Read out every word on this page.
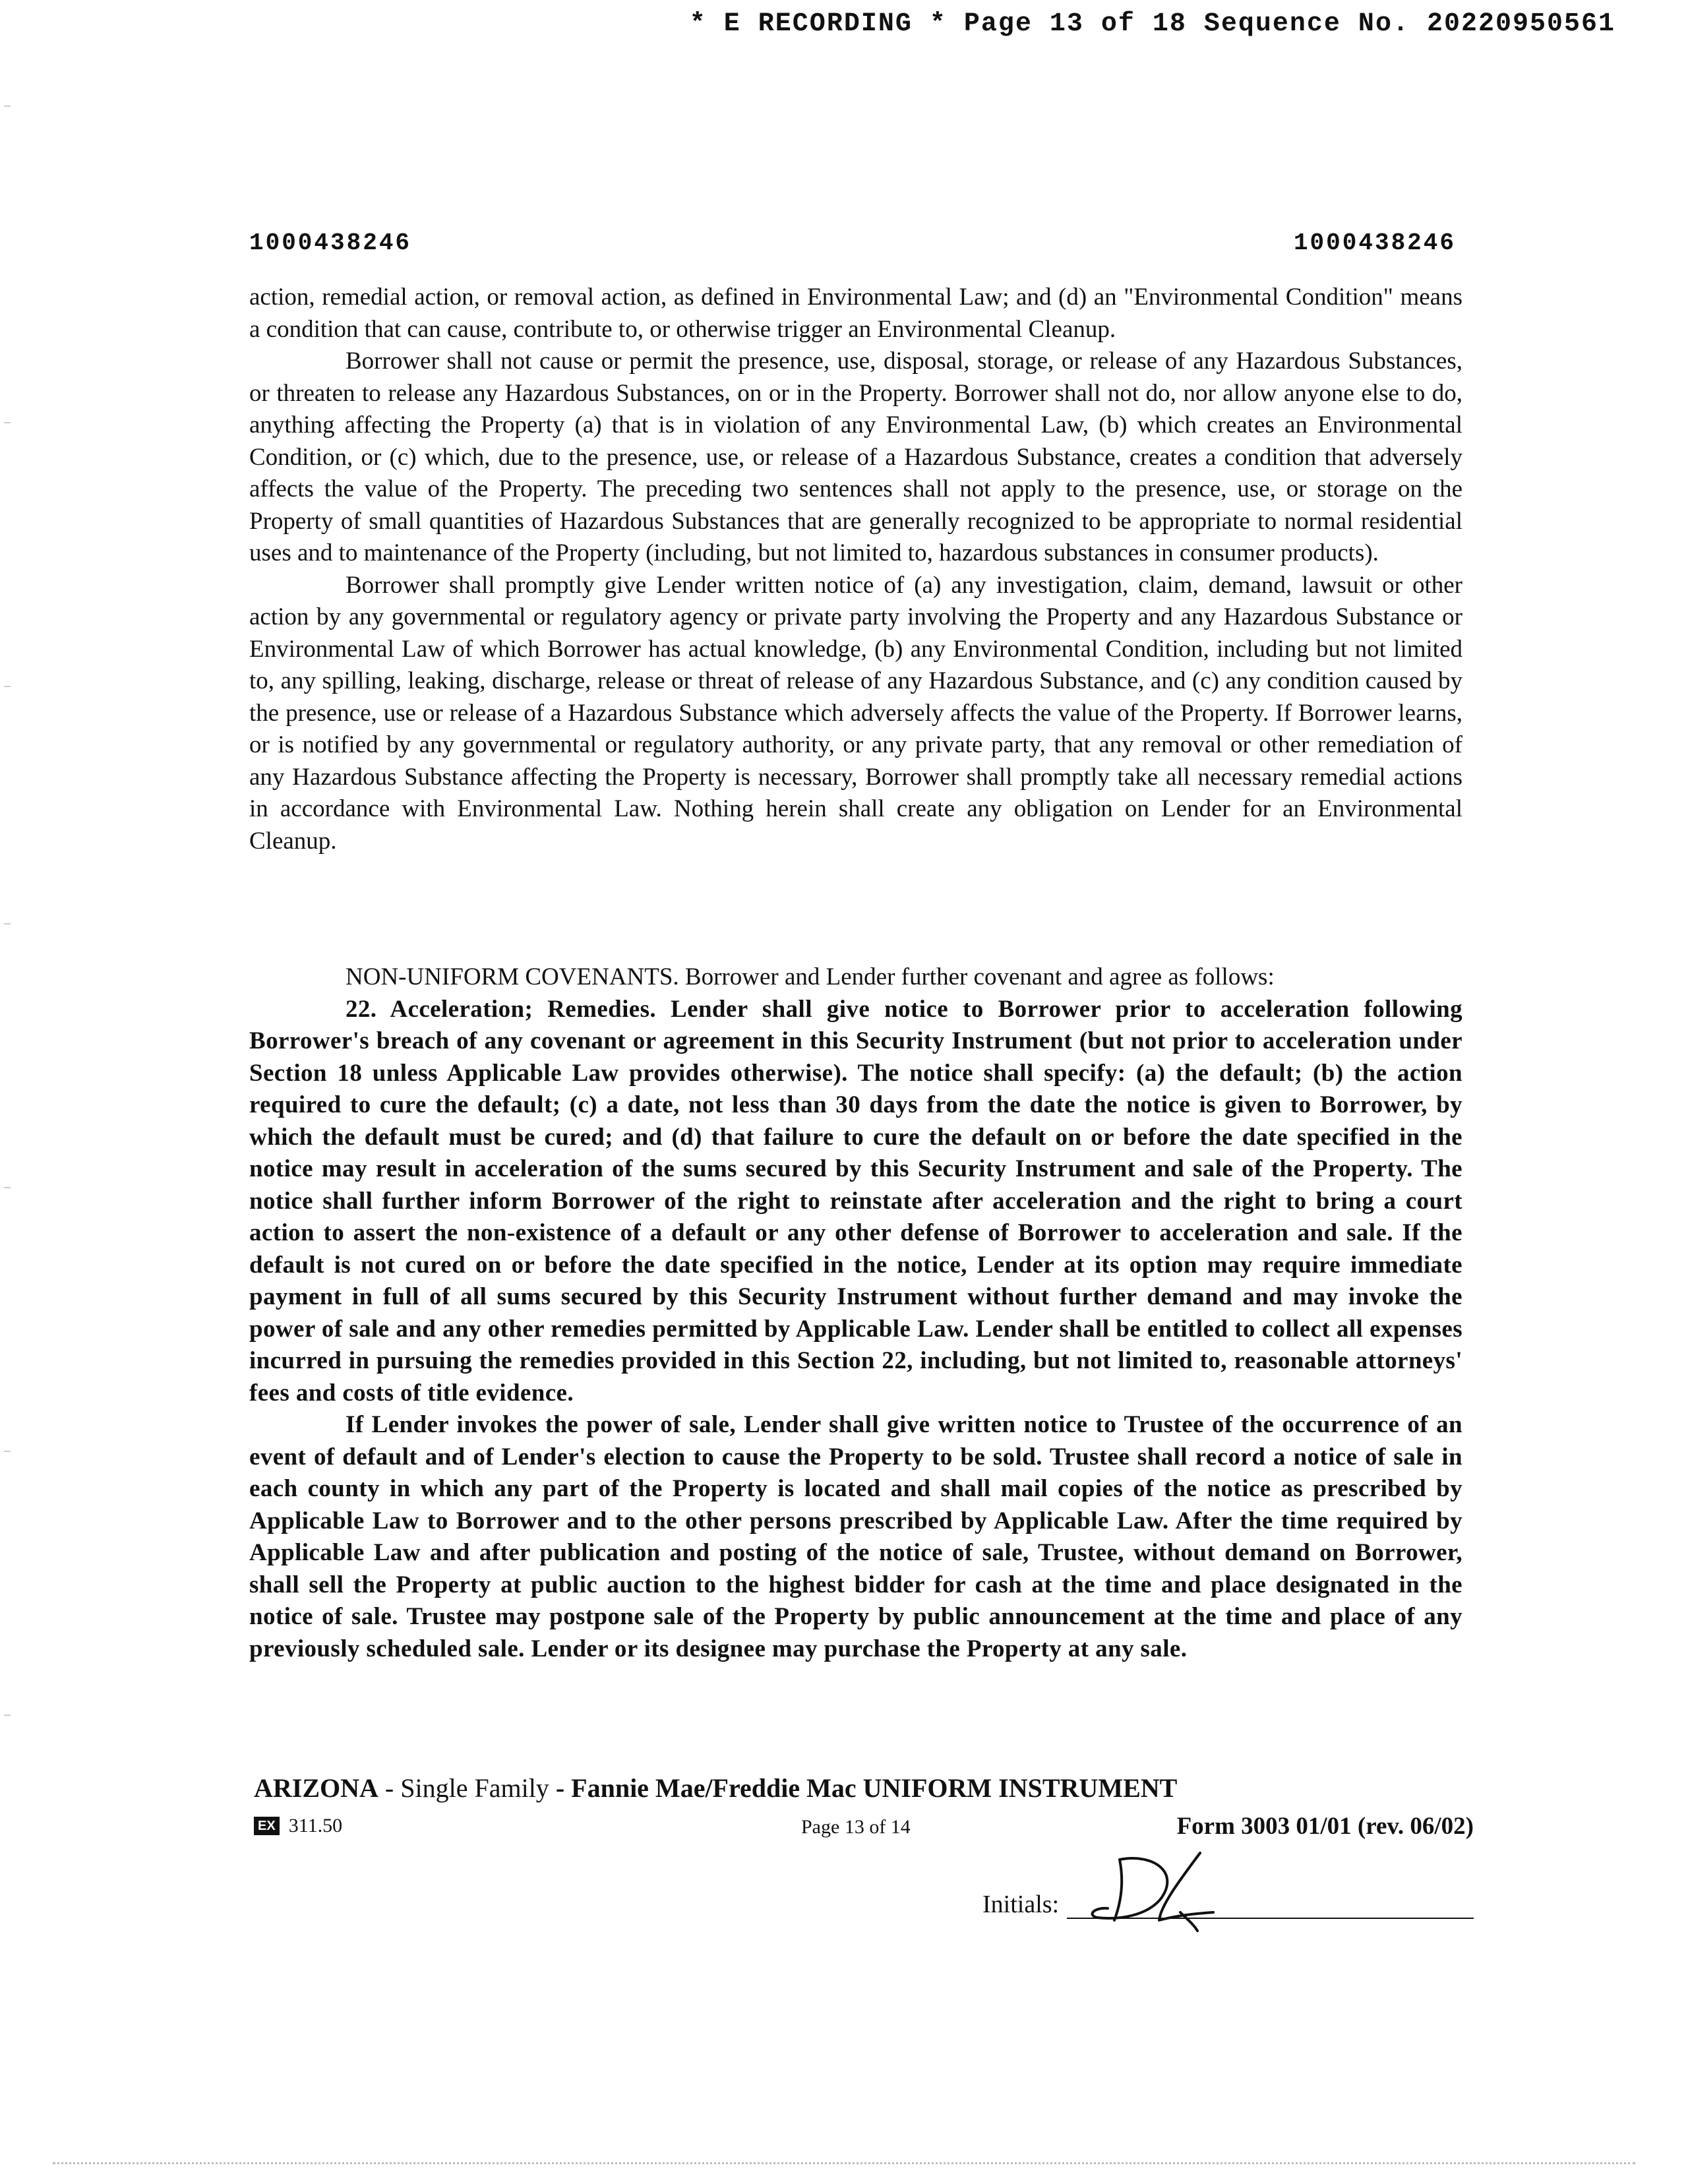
* E RECORDING * Page 13 of 18 Sequence No. 20220950561
1000438246	1000438246

action, remedial action, or removal action, as defined in Environmental Law; and (d) an "Environmental Condition" means a condition that can cause, contribute to, or otherwise trigger an Environmental Cleanup.

Borrower shall not cause or permit the presence, use, disposal, storage, or release of any Hazardous Substances, or threaten to release any Hazardous Substances, on or in the Property. Borrower shall not do, nor allow anyone else to do, anything affecting the Property (a) that is in violation of any Environmental Law, (b) which creates an Environmental Condition, or (c) which, due to the presence, use, or release of a Hazardous Substance, creates a condition that adversely affects the value of the Property. The preceding two sentences shall not apply to the presence, use, or storage on the Property of small quantities of Hazardous Substances that are generally recognized to be appropriate to normal residential uses and to maintenance of the Property (including, but not limited to, hazardous substances in consumer products).

Borrower shall promptly give Lender written notice of (a) any investigation, claim, demand, lawsuit or other action by any governmental or regulatory agency or private party involving the Property and any Hazardous Substance or Environmental Law of which Borrower has actual knowledge, (b) any Environmental Condition, including but not limited to, any spilling, leaking, discharge, release or threat of release of any Hazardous Substance, and (c) any condition caused by the presence, use or release of a Hazardous Substance which adversely affects the value of the Property. If Borrower learns, or is notified by any governmental or regulatory authority, or any private party, that any removal or other remediation of any Hazardous Substance affecting the Property is necessary, Borrower shall promptly take all necessary remedial actions in accordance with Environmental Law. Nothing herein shall create any obligation on Lender for an Environmental Cleanup.

NON-UNIFORM COVENANTS. Borrower and Lender further covenant and agree as follows:

22. Acceleration; Remedies. Lender shall give notice to Borrower prior to acceleration following Borrower's breach of any covenant or agreement in this Security Instrument (but not prior to acceleration under Section 18 unless Applicable Law provides otherwise). The notice shall specify: (a) the default; (b) the action required to cure the default; (c) a date, not less than 30 days from the date the notice is given to Borrower, by which the default must be cured; and (d) that failure to cure the default on or before the date specified in the notice may result in acceleration of the sums secured by this Security Instrument and sale of the Property. The notice shall further inform Borrower of the right to reinstate after acceleration and the right to bring a court action to assert the non-existence of a default or any other defense of Borrower to acceleration and sale. If the default is not cured on or before the date specified in the notice, Lender at its option may require immediate payment in full of all sums secured by this Security Instrument without further demand and may invoke the power of sale and any other remedies permitted by Applicable Law. Lender shall be entitled to collect all expenses incurred in pursuing the remedies provided in this Section 22, including, but not limited to, reasonable attorneys' fees and costs of title evidence.

If Lender invokes the power of sale, Lender shall give written notice to Trustee of the occurrence of an event of default and of Lender's election to cause the Property to be sold. Trustee shall record a notice of sale in each county in which any part of the Property is located and shall mail copies of the notice as prescribed by Applicable Law to Borrower and to the other persons prescribed by Applicable Law. After the time required by Applicable Law and after publication and posting of the notice of sale, Trustee, without demand on Borrower, shall sell the Property at public auction to the highest bidder for cash at the time and place designated in the notice of sale. Trustee may postpone sale of the Property by public announcement at the time and place of any previously scheduled sale. Lender or its designee may purchase the Property at any sale.

ARIZONA - Single Family - Fannie Mae/Freddie Mac UNIFORM INSTRUMENT
EX 311.50	Page 13 of 14	Form 3003 01/01 (rev. 06/02)
Initials:
